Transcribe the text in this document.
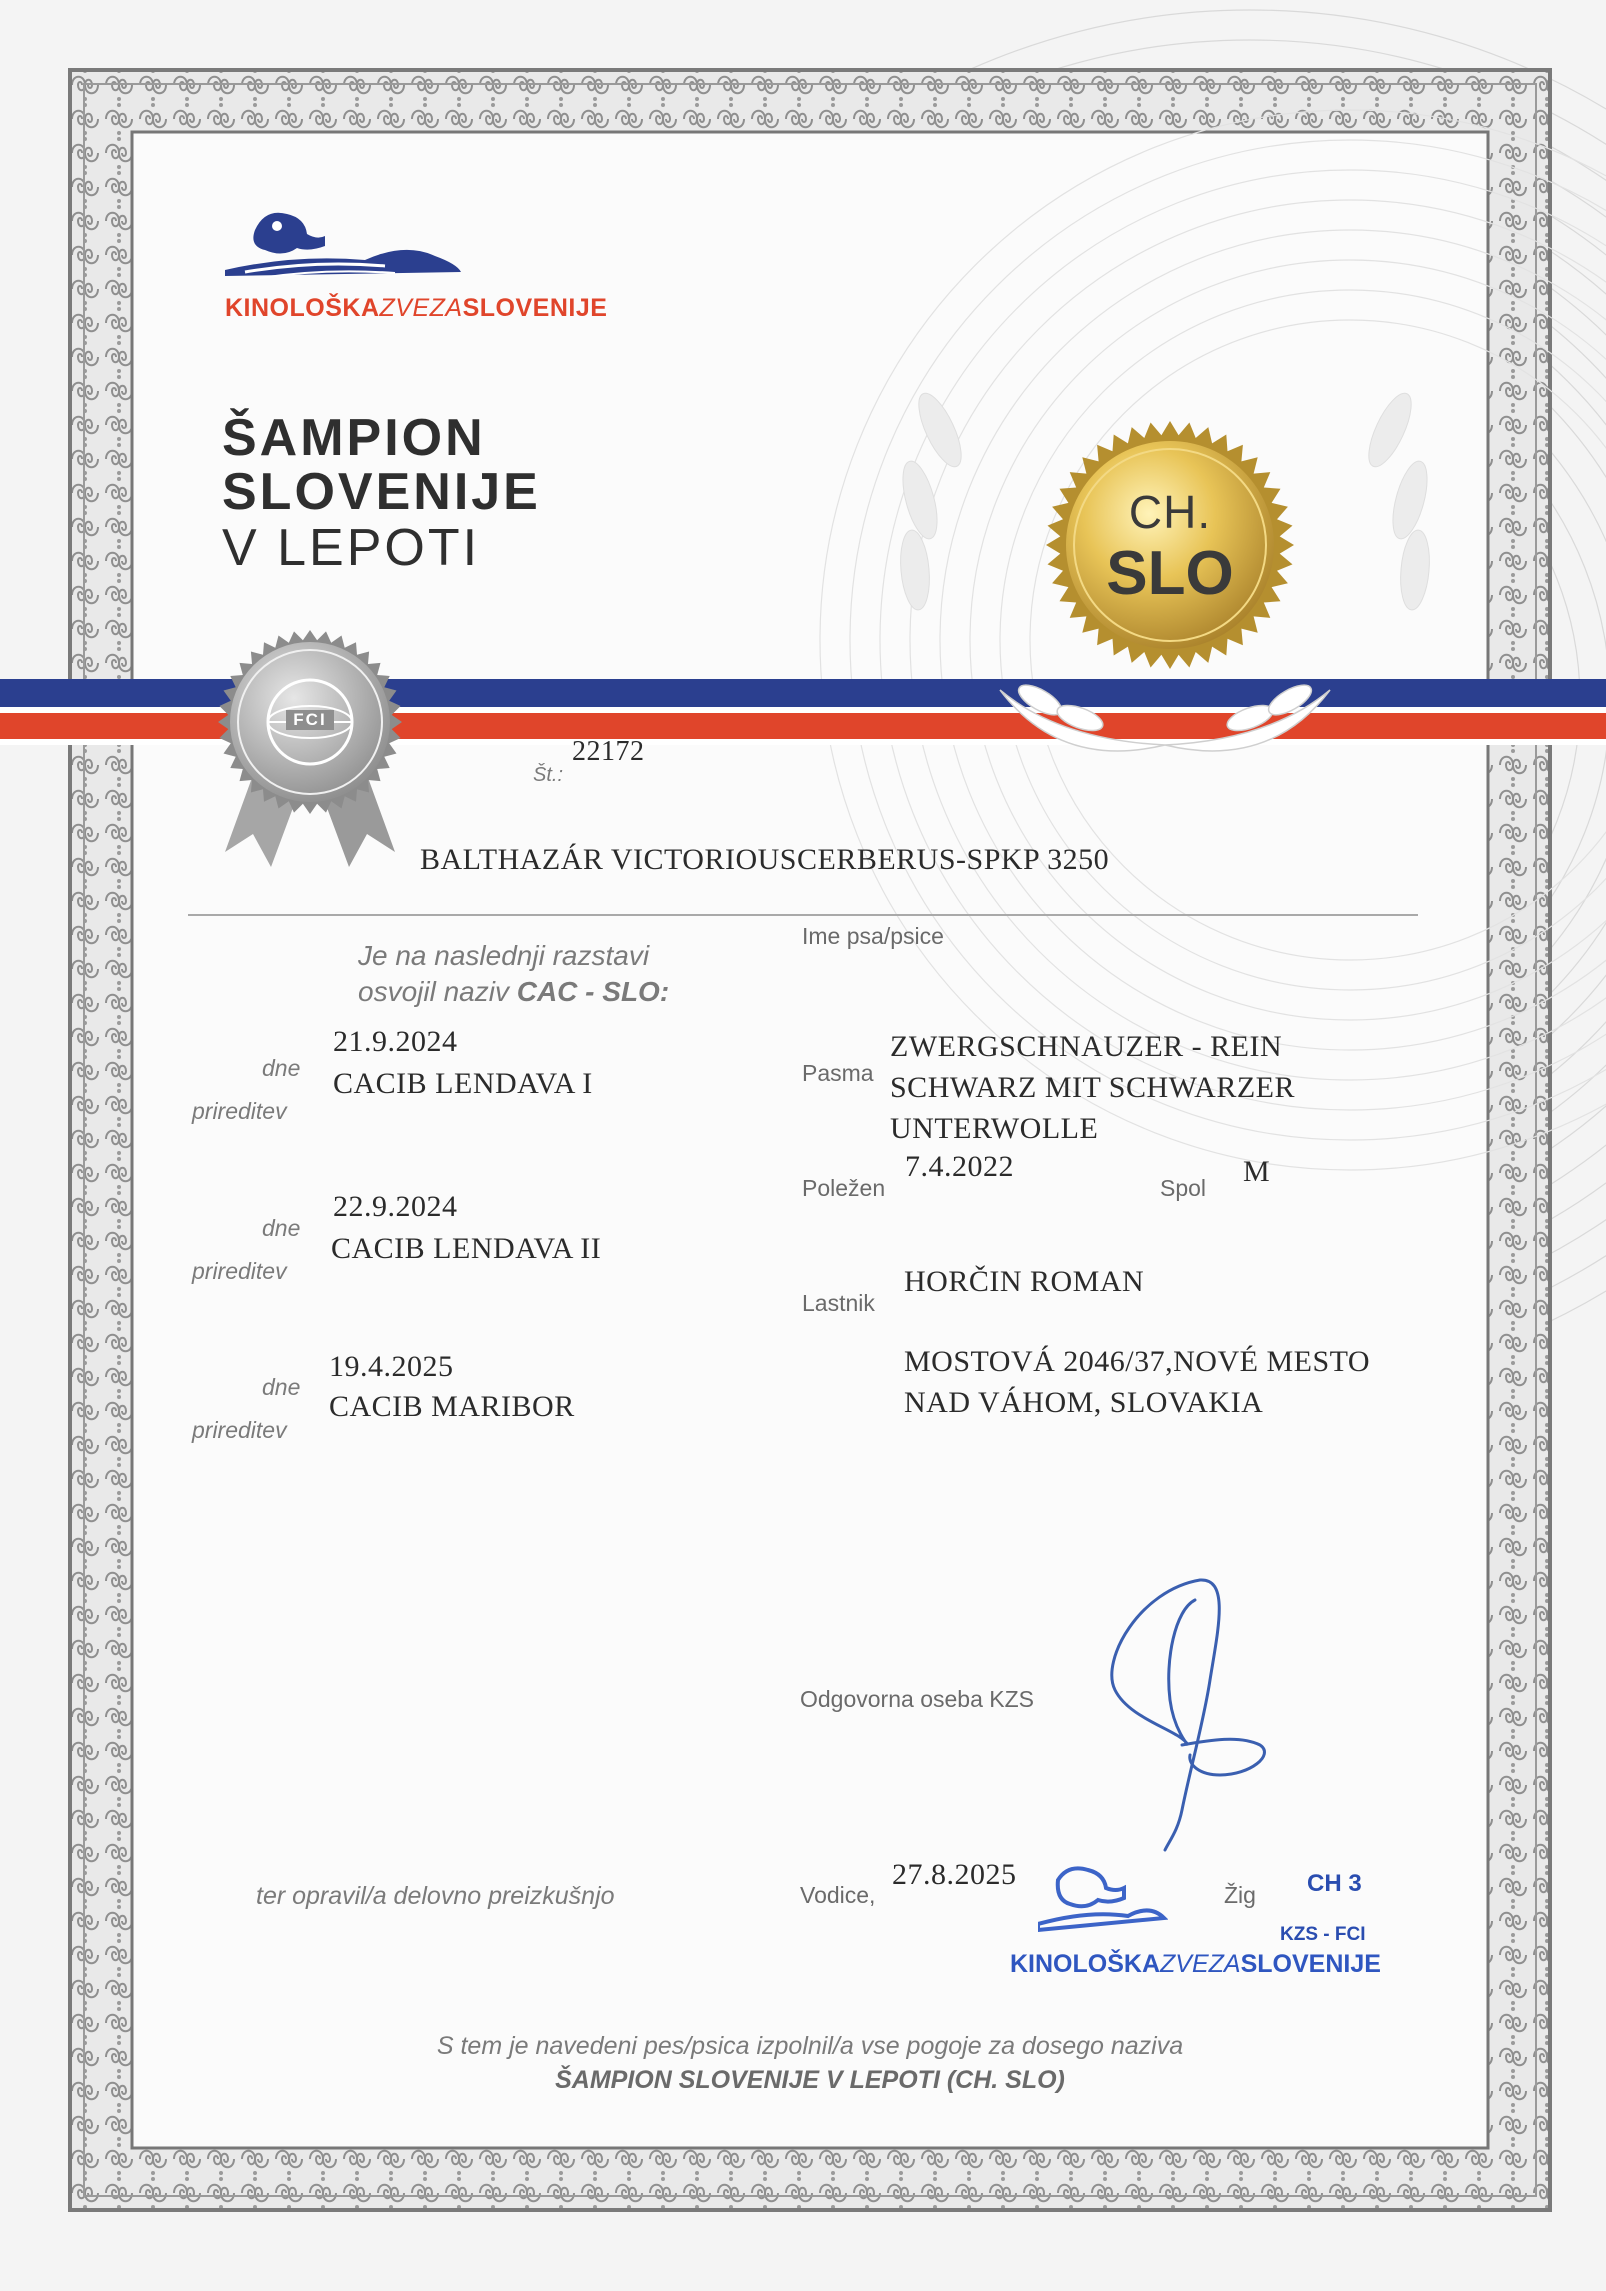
CH.
SLO
FCI
KINOLOŠKAZVEZASLOVENIJE
ŠAMPION
SLOVENIJE
V LEPOTI
Št.:
22172
BALTHAZÁR VICTORIOUSCERBERUS-SPKP 3250
Ime psa/psice
Je na naslednji razstavi
osvojil naziv CAC - SLO:
dne
21.9.2024
prireditev
CACIB LENDAVA I
dne
22.9.2024
prireditev
CACIB LENDAVA II
dne
19.4.2025
prireditev
CACIB MARIBOR
Pasma
ZWERGSCHNAUZER - REIN
SCHWARZ MIT SCHWARZER
UNTERWOLLE
Poležen
7.4.2022
Spol M
Lastnik
HORČIN ROMAN
MOSTOVÁ 2046/37,NOVÉ MESTO
NAD VÁHOM, SLOVAKIA
Odgovorna oseba KZS
ter opravil/a delovno preizkušnjo	Vodice,
27.8.2025
Žig CH 3
KZS - FCI
KINOLOŠKAZVEZASLOVENIJE
S tem je navedeni pes/psica izpolnil/a vse pogoje za dosego naziva
ŠAMPION SLOVENIJE V LEPOTI (CH. SLO)
